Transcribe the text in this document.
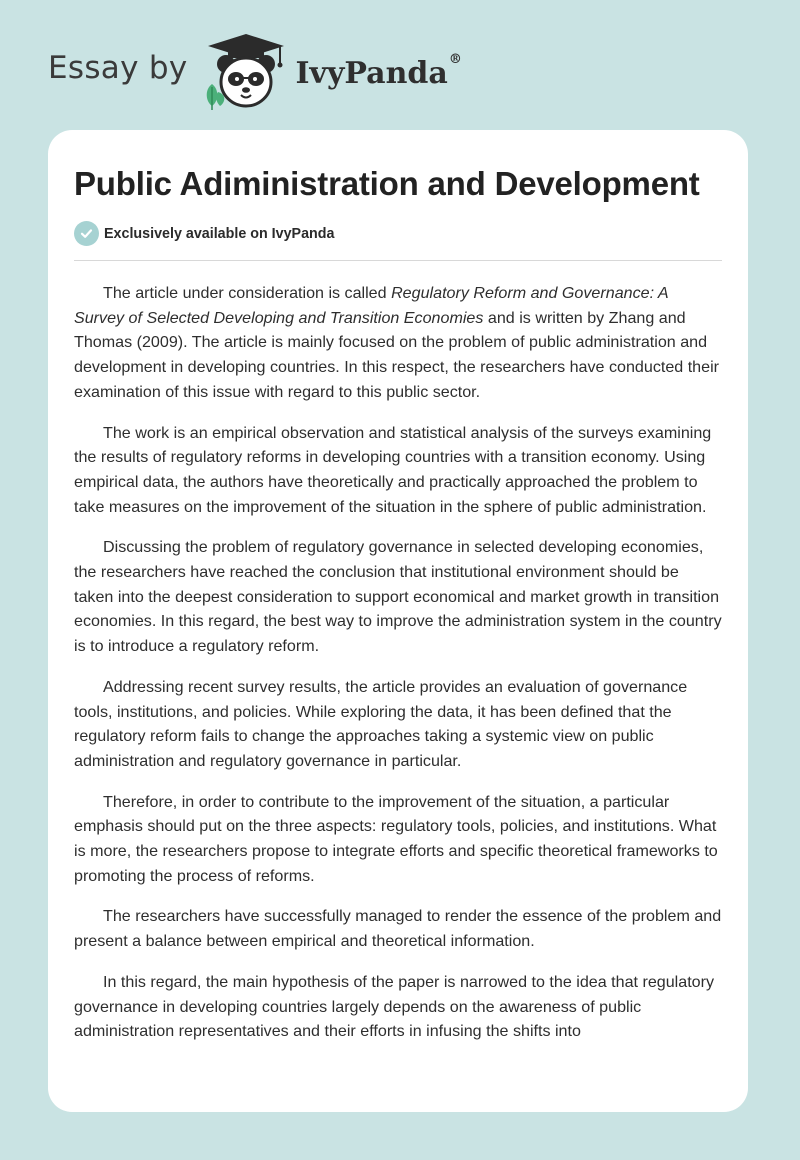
Essay by	IvyPanda®
Public Adiministration and Development
Exclusively available on IvyPanda

The article under consideration is called Regulatory Reform and Governance: A Survey of Selected Developing and Transition Economies and is written by Zhang and Thomas (2009). The article is mainly focused on the problem of public administration and development in developing countries. In this respect, the researchers have conducted their examination of this issue with regard to this public sector.

The work is an empirical observation and statistical analysis of the surveys examining the results of regulatory reforms in developing countries with a transition economy. Using empirical data, the authors have theoretically and practically approached the problem to take measures on the improvement of the situation in the sphere of public administration.

Discussing the problem of regulatory governance in selected developing economies, the researchers have reached the conclusion that institutional environment should be taken into the deepest consideration to support economical and market growth in transition economies. In this regard, the best way to improve the administration system in the country is to introduce a regulatory reform.

Addressing recent survey results, the article provides an evaluation of governance tools, institutions, and policies. While exploring the data, it has been defined that the regulatory reform fails to change the approaches taking a systemic view on public administration and regulatory governance in particular.

Therefore, in order to contribute to the improvement of the situation, a particular emphasis should put on the three aspects: regulatory tools, policies, and institutions. What is more, the researchers propose to integrate efforts and specific theoretical frameworks to promoting the process of reforms.

The researchers have successfully managed to render the essence of the problem and present a balance between empirical and theoretical information.

In this regard, the main hypothesis of the paper is narrowed to the idea that regulatory governance in developing countries largely depends on the awareness of public administration representatives and their efforts in infusing the shifts into
